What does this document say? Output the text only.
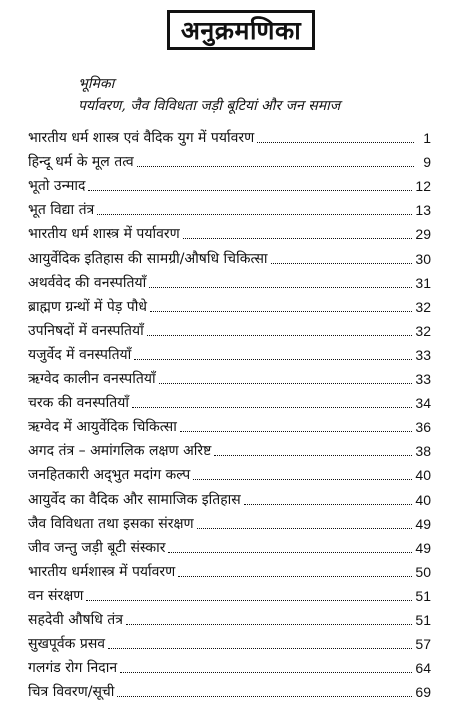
अनुक्रमणिका
भूमिका
पर्यावरण, जैव विविधता जड़ी बूटियां और जन समाज
भारतीय धर्म शास्त्र एवं वैदिक युग में पर्यावरण	1
हिन्दू धर्म के मूल तत्व	9
भूतो उन्माद	12
भूत विद्या तंत्र	13
भारतीय धर्म शास्त्र में पर्यावरण	29
आयुर्वेदिक इतिहास की सामग्री/औषधि चिकित्सा	30
अथर्ववेद की वनस्पतियाँ	31
ब्राह्मण ग्रन्थों में पेड़ पौधे	32
उपनिषदों में वनस्पतियाँ	32
यजुर्वेद में वनस्पतियाँ	33
ऋग्वेद कालीन वनस्पतियाँ	33
चरक की वनस्पतियाँ	34
ऋग्वेद में आयुर्वेदिक चिकित्सा	36
अगद तंत्र – अमांगलिक लक्षण अरिष्ट	38
जनहितकारी अद्‌भुत मदांग कल्प	40
आयुर्वेद का वैदिक और सामाजिक इतिहास	40
जैव विविधता तथा इसका संरक्षण	49
जीव जन्तु जड़ी बूटी संस्कार	49
भारतीय धर्मशास्त्र में पर्यावरण	50
वन संरक्षण	51
सहदेवी औषधि तंत्र	51
सुखपूर्वक प्रसव	57
गलगंड रोग निदान	64
चित्र विवरण/सूची	69
